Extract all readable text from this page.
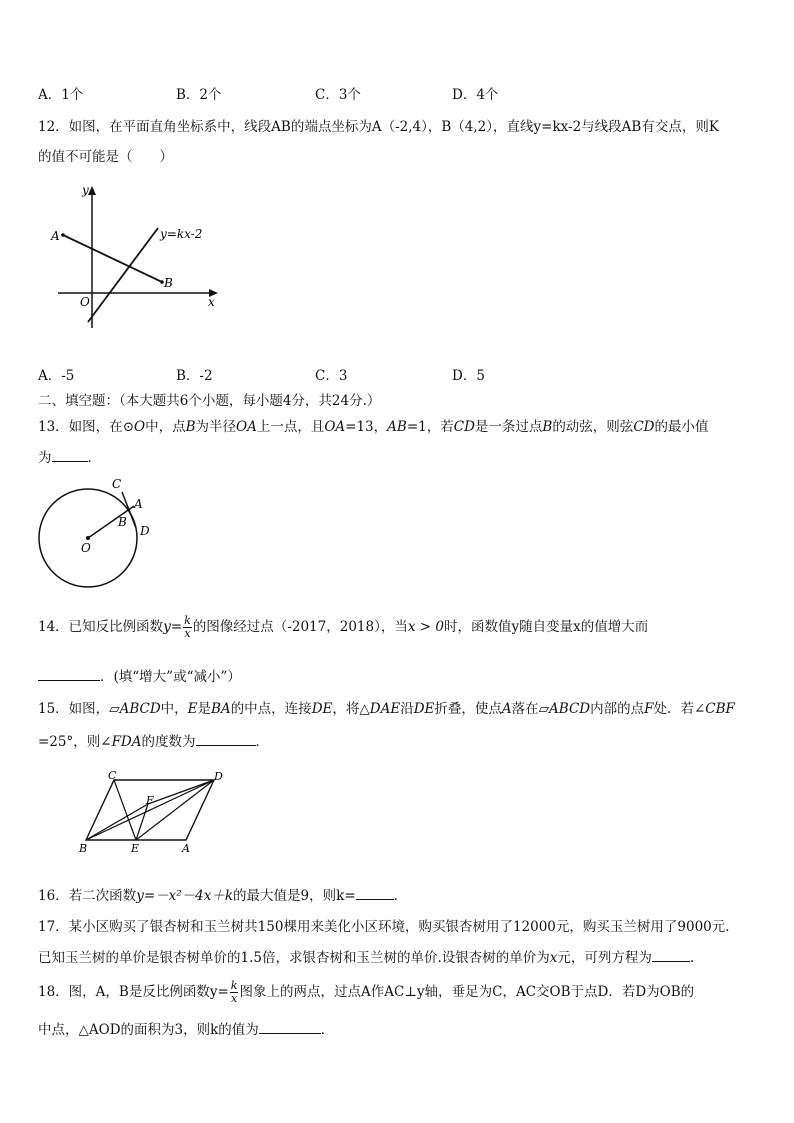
A．1个	B．2个	C．3个	D．4个
12．如图，在平面直角坐标系中，线段AB的端点坐标为A（-2,4），B（4,2），直线y=kx-2与线段AB有交点，则K
的值不可能是（　　）
y
x
O
A
B
y=kx-2
A．-5	B．-2	C．3	D．5
二、填空题：（本大题共6个小题，每小题4分，共24分.）
13．如图，在⊙O中，点B为半径OA上一点，且OA=13，AB=1，若CD是一条过点B的动弦，则弦CD的最小值
为	．
C
A
B
D
O
14．已知反比例函数$y= \frac{k}{x}$ 的图像经过点（-2017，2018），当x > 0时，函数值y随自变量x的值增大而
．(填“增大”或“减小”）
15．如图，▱ABCD中，E是BA的中点，连接DE，将△DAE沿DE折叠，使点A落在▱ABCD内部的点F处．若∠CBF
=25°，则∠FDA的度数为	．
C	D
F
B	E	A
16．若二次函数y=－x²－4x＋k的最大值是9，则k=	．
17．某小区购买了银杏树和玉兰树共150棵用来美化小区环境，购买银杏树用了12000元，购买玉兰树用了9000元.
已知玉兰树的单价是银杏树单价的1.5倍，求银杏树和玉兰树的单价.设银杏树的单价为x元，可列方程为	.
18．图，A，B是反比例函数$y= \frac{k}{x}$ 图象上的两点，过点A作AC⊥y轴，垂足为C，AC交OB于点D．若D为OB的
中点，△AOD的面积为3，则k的值为	．
